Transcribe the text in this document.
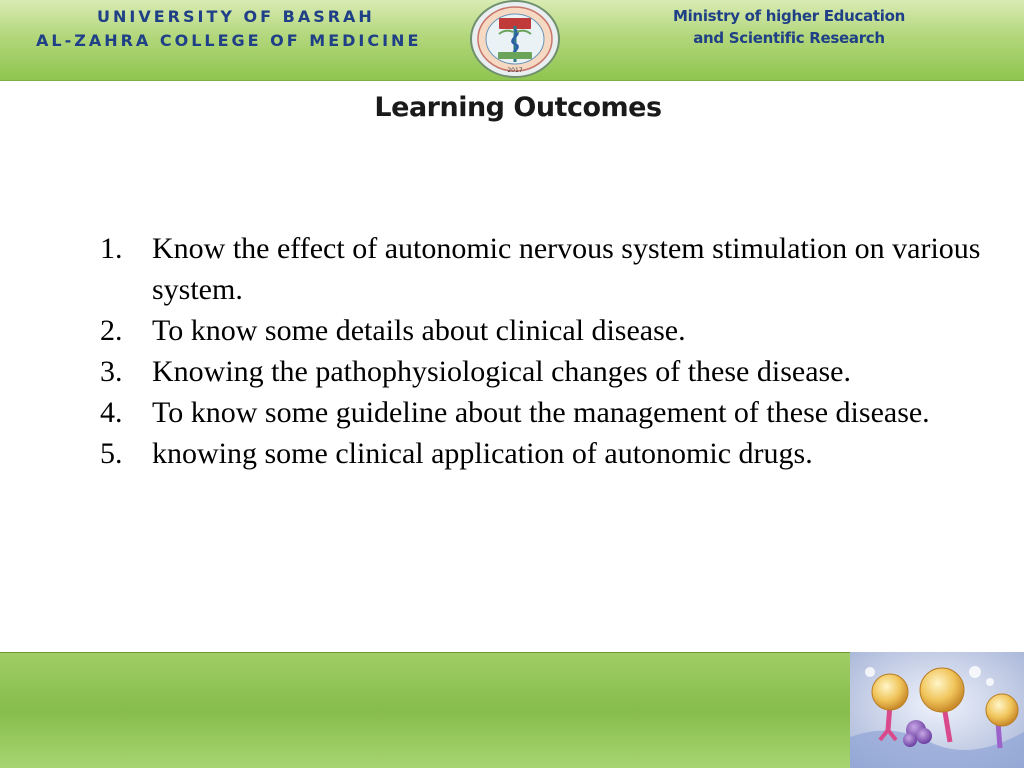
UNIVERSITY OF BASRAH
AL-ZAHRA COLLEGE OF MEDICINE
2017
Ministry of higher Education
and Scientific Research
Learning Outcomes
1. Know the effect of autonomic nervous system stimulation on various system.
2. To know some details about clinical disease.
3. Knowing the pathophysiological changes of these disease.
4. To know some guideline about the management of these disease.
5. knowing some clinical application of autonomic drugs.
